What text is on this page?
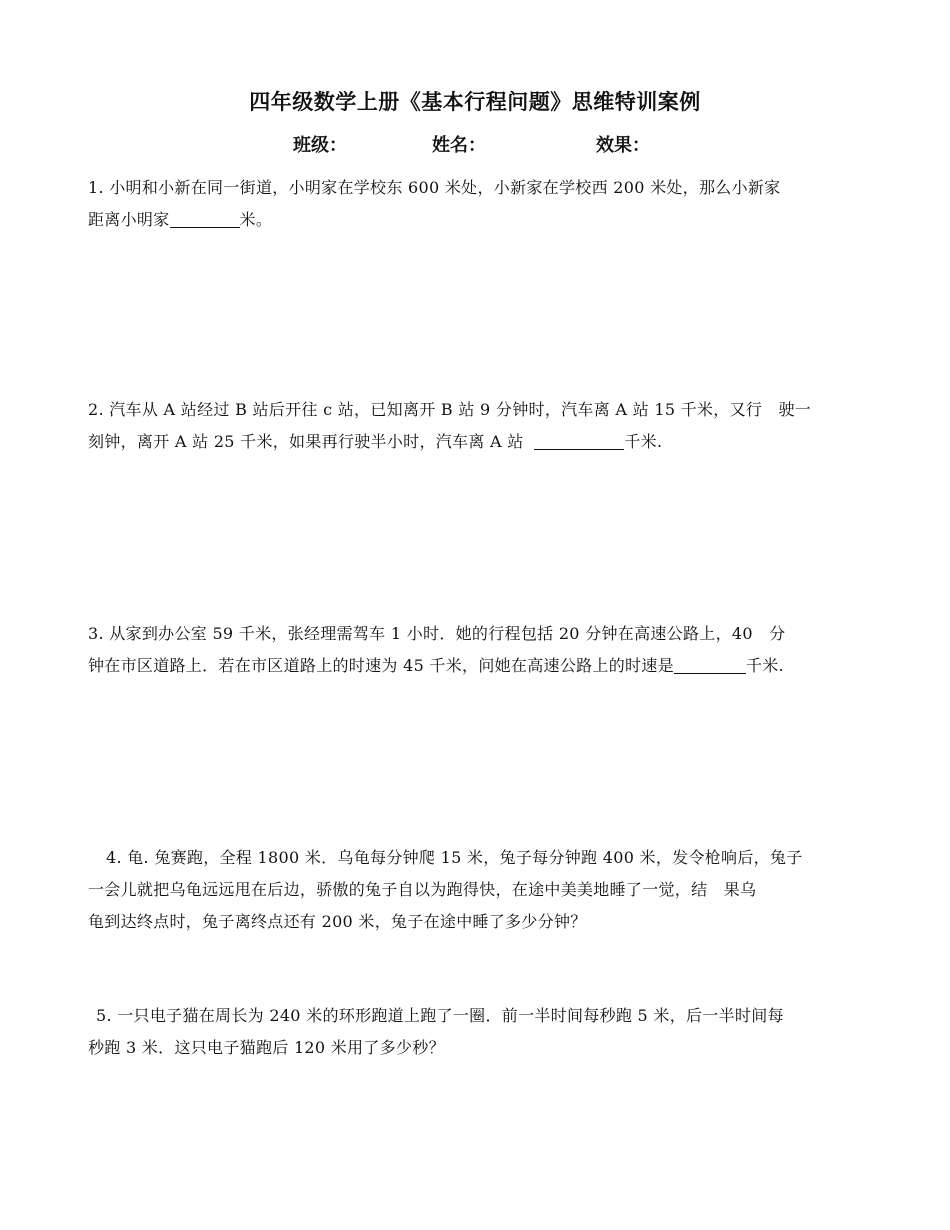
四年级数学上册《基本行程问题》思维特训案例
班级：	姓名：	效果：

1. 小明和小新在同一街道，小明家在学校东 600 米处，小新家在学校西 200 米处，那么小新家

距离小明家	米。

2. 汽车从 A 站经过 B 站后开往 c 站，已知离开 B 站 9 分钟时，汽车离 A 站 15 千米，又行　驶一

刻钟，离开 A 站 25 千米，如果再行驶半小时，汽车离 A 站	千米.

3. 从家到办公室 59 千米，张经理需驾车 1 小时．她的行程包括 20 分钟在高速公路上，40　分

钟在市区道路上．若在市区道路上的时速为 45 千米，问她在高速公路上的时速是	千米.

4. 龟. 兔赛跑，全程 1800 米．乌龟每分钟爬 15 米，兔子每分钟跑 400 米，发令枪响后，兔子

一会儿就把乌龟远远甩在后边，骄傲的兔子自以为跑得快，在途中美美地睡了一觉，结　果乌

龟到达终点时，兔子离终点还有 200 米，兔子在途中睡了多少分钟？

5. 一只电子猫在周长为 240 米的环形跑道上跑了一圈．前一半时间每秒跑 5 米，后一半时间每

秒跑 3 米．这只电子猫跑后 120 米用了多少秒？
